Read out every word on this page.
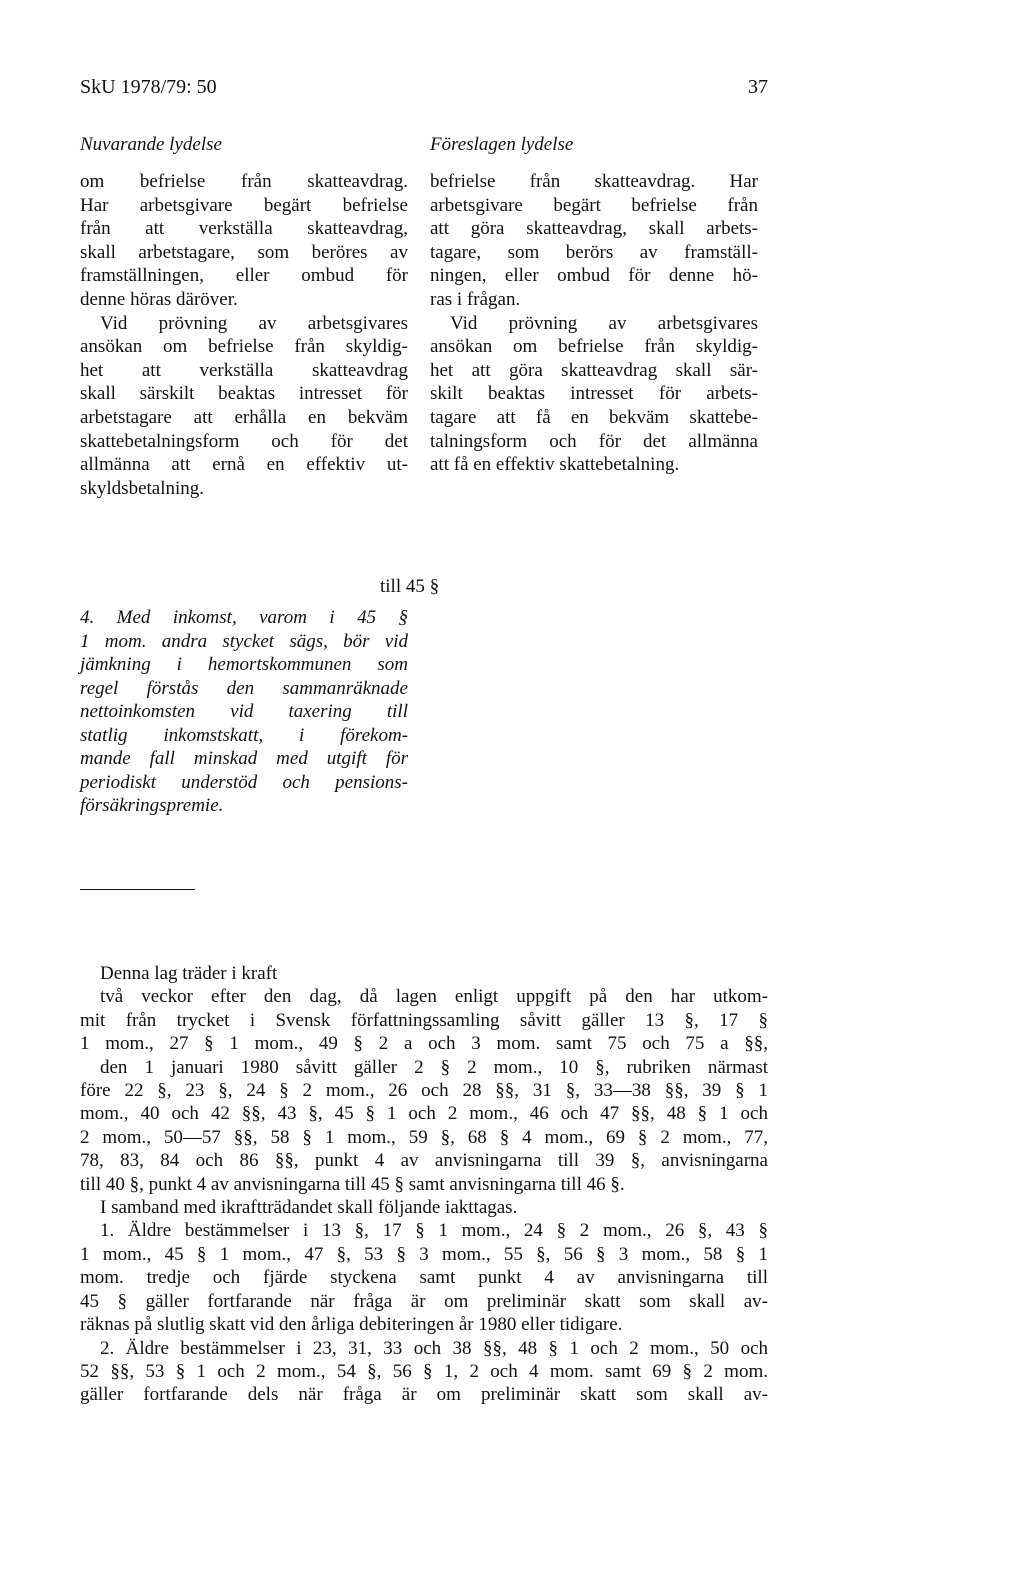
SkU 1978/79: 50	37
Nuvarande lydelse	Föreslagen lydelse
om befrielse från skatteavdrag.
Har arbetsgivare begärt befrielse
från att verkställa skatteavdrag,
skall arbetstagare, som beröres av
framställningen, eller ombud för
denne höras däröver.
Vid prövning av arbetsgivares
ansökan om befrielse från skyldig-
het att verkställa skatteavdrag
skall särskilt beaktas intresset för
arbetstagare att erhålla en bekväm
skattebetalningsform och för det
allmänna att ernå en effektiv ut-
skyldsbetalning.
befrielse från skatteavdrag. Har
arbetsgivare begärt befrielse från
att göra skatteavdrag, skall arbets-
tagare, som berörs av framställ-
ningen, eller ombud för denne hö-
ras i frågan.
Vid prövning av arbetsgivares
ansökan om befrielse från skyldig-
het att göra skatteavdrag skall sär-
skilt beaktas intresset för arbets-
tagare att få en bekväm skattebe-
talningsform och för det allmänna
att få en effektiv skattebetalning.
till 45 §
4. Med inkomst, varom i 45 §
1 mom. andra stycket sägs, bör vid
jämkning i hemortskommunen som
regel förstås den sammanräknade
nettoinkomsten vid taxering till
statlig inkomstskatt, i förekom-
mande fall minskad med utgift för
periodiskt understöd och pensions-
försäkringspremie.
Denna lag träder i kraft
två veckor efter den dag, då lagen enligt uppgift på den har utkom-
mit från trycket i Svensk författningssamling såvitt gäller 13 §, 17 §
1 mom., 27 § 1 mom., 49 § 2 a och 3 mom. samt 75 och 75 a §§,
den 1 januari 1980 såvitt gäller 2 § 2 mom., 10 §, rubriken närmast
före 22 §, 23 §, 24 § 2 mom., 26 och 28 §§, 31 §, 33—38 §§, 39 § 1
mom., 40 och 42 §§, 43 §, 45 § 1 och 2 mom., 46 och 47 §§, 48 § 1 och
2 mom., 50—57 §§, 58 § 1 mom., 59 §, 68 § 4 mom., 69 § 2 mom., 77,
78, 83, 84 och 86 §§, punkt 4 av anvisningarna till 39 §, anvisningarna
till 40 §, punkt 4 av anvisningarna till 45 § samt anvisningarna till 46 §.
I samband med ikraftträdandet skall följande iakttagas.
1. Äldre bestämmelser i 13 §, 17 § 1 mom., 24 § 2 mom., 26 §, 43 §
1 mom., 45 § 1 mom., 47 §, 53 § 3 mom., 55 §, 56 § 3 mom., 58 § 1
mom. tredje och fjärde styckena samt punkt 4 av anvisningarna till
45 § gäller fortfarande när fråga är om preliminär skatt som skall av-
räknas på slutlig skatt vid den årliga debiteringen år 1980 eller tidigare.
2. Äldre bestämmelser i 23, 31, 33 och 38 §§, 48 § 1 och 2 mom., 50 och
52 §§, 53 § 1 och 2 mom., 54 §, 56 § 1, 2 och 4 mom. samt 69 § 2 mom.
gäller fortfarande dels när fråga är om preliminär skatt som skall av-
